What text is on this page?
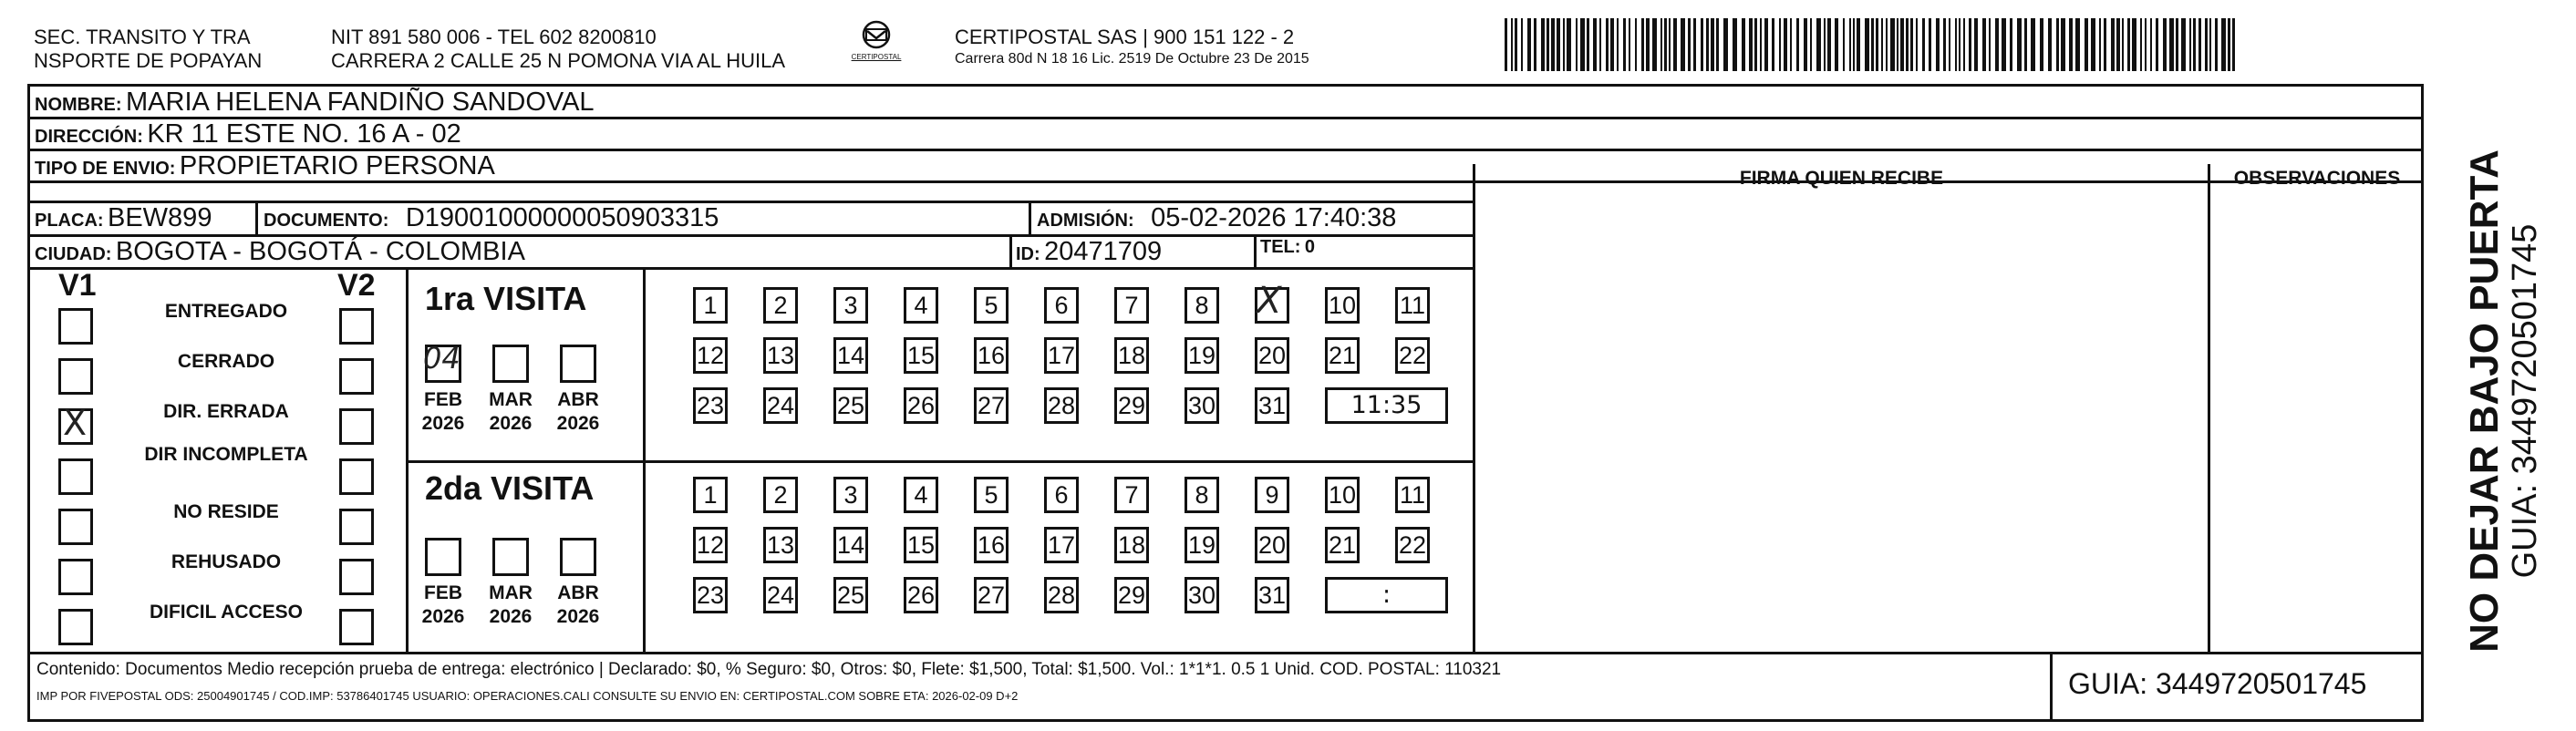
SEC. TRANSITO Y TRA
NSPORTE DE POPAYAN
NIT 891 580 006 - TEL 602 8200810
CARRERA 2 CALLE 25 N POMONA VIA AL HUILA	CERTIPOSTAL
CERTIPOSTAL SAS | 900 151 122 - 2
Carrera 80d N 18 16 Lic. 2519 De Octubre 23 De 2015
NOMBRE: MARIA HELENA FANDIÑO SANDOVAL
DIRECCIÓN: KR 11 ESTE NO. 16 A - 02
TIPO DE ENVIO: PROPIETARIO PERSONA
PLACA: BEW899	DOCUMENTO: D19001000000050903315	ADMISIÓN: 05-02-2026 17:40:38
CIUDAD: BOGOTA - BOGOTÁ - COLOMBIA	ID: 20471709	TEL: 0
FIRMA QUIEN RECIBE	OBSERVACIONES
V1	V2
ENTREGADO
CERRADO
DIR. ERRADA
X
DIR INCOMPLETA
NO RESIDE
REHUSADO
DIFICIL ACCESO
1ra VISITA
2da VISITA
1	2	3	4	5	6	7	8 X 10 11
12 13 14 15 16 17 18 19 20 21 22
23 24 25 26 27 28 29 30 31	11:35
1	2	3	4	5	6	7	8	9	10 11
12 13 14 15 16 17 18 19 20 21 22
23 24 25 26 27 28 29 30 31	:
04
FEB
2026
MAR
2026
ABR
2026
FEB
2026
MAR
2026
ABR
2026
Contenido: Documentos Medio recepción prueba de entrega: electrónico | Declarado: $0, % Seguro: $0, Otros: $0, Flete: $1,500, Total: $1,500. Vol.: 1*1*1. 0.5 1 Unid. COD. POSTAL: 110321
IMP POR FIVEPOSTAL ODS: 25004901745 / COD.IMP: 53786401745 USUARIO: OPERACIONES.CALI CONSULTE SU ENVIO EN: CERTIPOSTAL.COM SOBRE ETA: 2026-02-09 D+2	GUIA: 3449720501745
NO DEJAR BAJO PUERTA GUIA: 3449720501745
